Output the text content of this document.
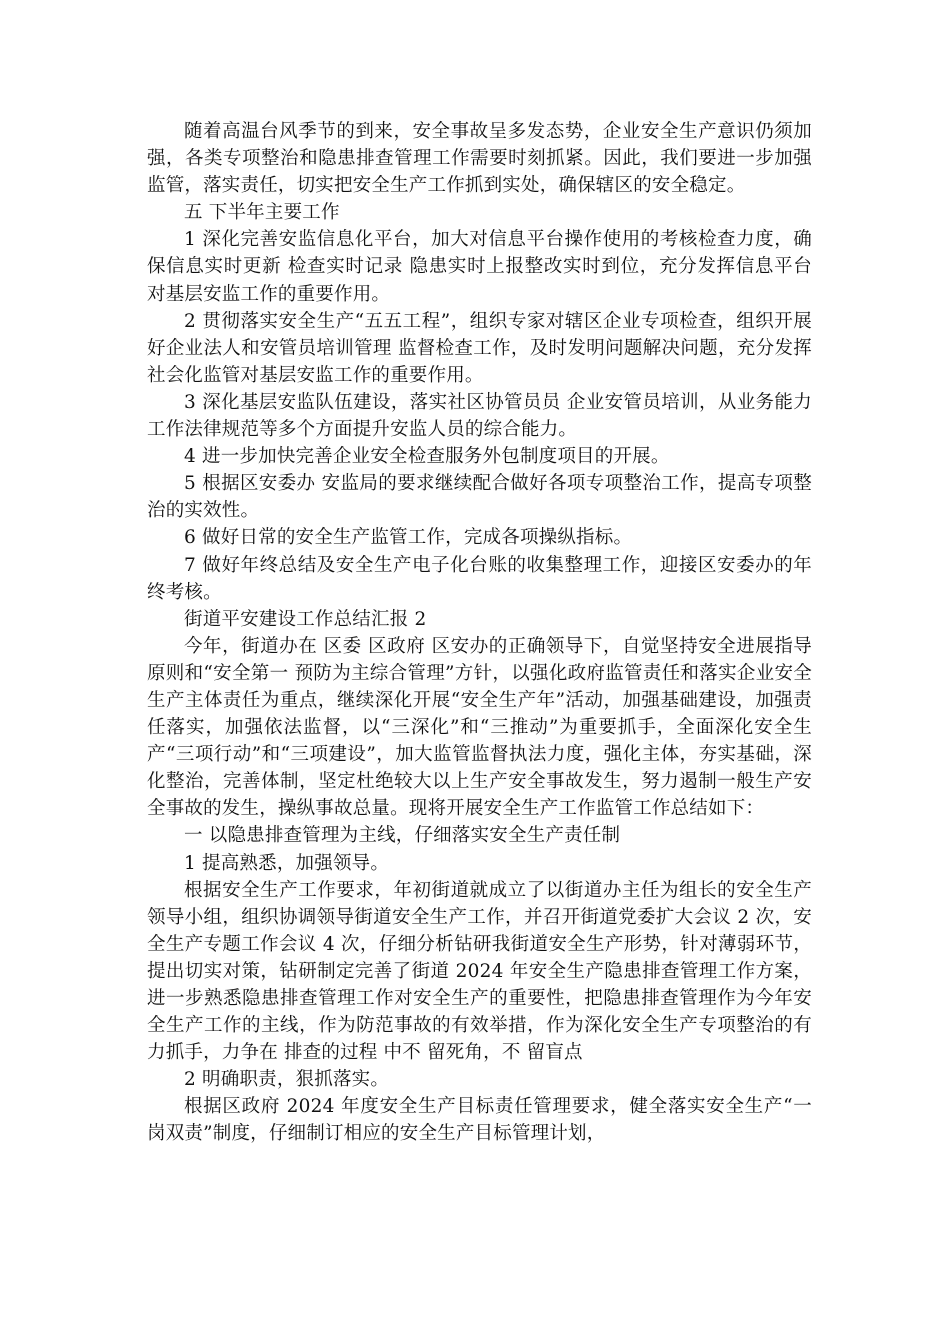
随着高温台风季节的到来，安全事故呈多发态势，企业安全生产意识仍须加强，各类专项整治和隐患排查管理工作需要时刻抓紧。因此，我们要进一步加强监管，落实责任，切实把安全生产工作抓到实处，确保辖区的安全稳定。

五 下半年主要工作

1 深化完善安监信息化平台，加大对信息平台操作使用的考核检查力度，确保信息实时更新 检查实时记录 隐患实时上报整改实时到位，充分发挥信息平台对基层安监工作的重要作用。

2 贯彻落实安全生产“五五工程”，组织专家对辖区企业专项检查，组织开展好企业法人和安管员培训管理 监督检查工作，及时发明问题解决问题，充分发挥社会化监管对基层安监工作的重要作用。

3 深化基层安监队伍建设，落实社区协管员员 企业安管员培训，从业务能力 工作法律规范等多个方面提升安监人员的综合能力。

4 进一步加快完善企业安全检查服务外包制度项目的开展。

5 根据区安委办 安监局的要求继续配合做好各项专项整治工作，提高专项整治的实效性。

6 做好日常的安全生产监管工作，完成各项操纵指标。

7 做好年终总结及安全生产电子化台账的收集整理工作，迎接区安委办的年终考核。

街道平安建设工作总结汇报 2

今年，街道办在 区委 区政府 区安办的正确领导下，自觉坚持安全进展指导原则和“安全第一 预防为主综合管理”方针，以强化政府监管责任和落实企业安全生产主体责任为重点，继续深化开展“安全生产年”活动，加强基础建设，加强责任落实，加强依法监督，以“三深化”和“三推动”为重要抓手，全面深化安全生产“三项行动”和“三项建设”，加大监管监督执法力度，强化主体，夯实基础，深化整治，完善体制，坚定杜绝较大以上生产安全事故发生，努力遏制一般生产安全事故的发生，操纵事故总量。现将开展安全生产工作监管工作总结如下：

一 以隐患排查管理为主线，仔细落实安全生产责任制

1 提高熟悉，加强领导。

根据安全生产工作要求，年初街道就成立了以街道办主任为组长的安全生产领导小组，组织协调领导街道安全生产工作，并召开街道党委扩大会议 2 次，安全生产专题工作会议 4 次，仔细分析钻研我街道安全生产形势，针对薄弱环节，提出切实对策，钻研制定完善了街道 2024 年安全生产隐患排查管理工作方案，进一步熟悉隐患排查管理工作对安全生产的重要性，把隐患排查管理作为今年安全生产工作的主线，作为防范事故的有效举措，作为深化安全生产专项整治的有 力抓手，力争在 排查的过程 中不 留死角，不 留盲点

2 明确职责，狠抓落实。

根据区政府 2024 年度安全生产目标责任管理要求，健全落实安全生产“一岗双责”制度，仔细制订相应的安全生产目标管理计划，
